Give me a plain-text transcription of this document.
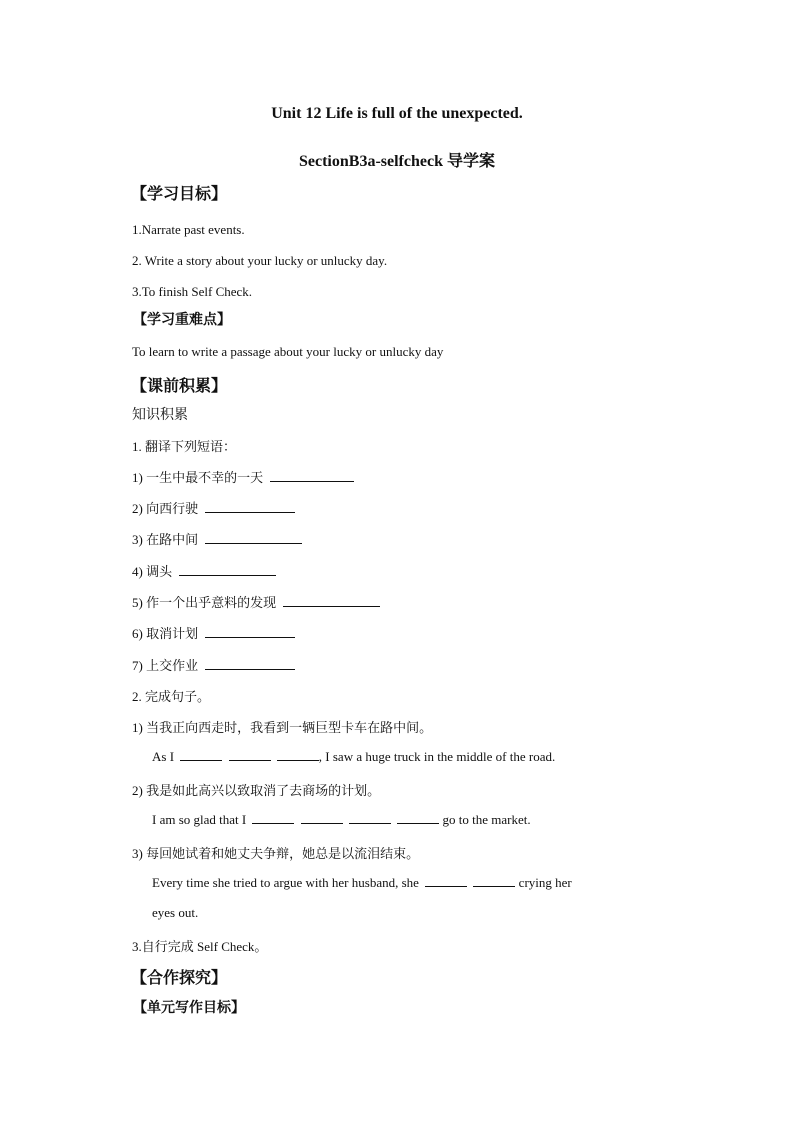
Unit 12 Life is full of the unexpected.
SectionB3a-selfcheck 导学案
【学习目标】
1.Narrate past events.
2. Write a story about your lucky or unlucky day.
3.To finish Self Check.
【学习重难点】
To learn to write a passage about your lucky or unlucky day
【课前积累】
知识积累
1. 翻译下列短语：
1) 一生中最不幸的一天
2) 向西行驶
3) 在路中间
4) 调头
5) 作一个出乎意料的发现
6) 取消计划
7) 上交作业
2. 完成句子。
1) 当我正向西走时，我看到一辆巨型卡车在路中间。
As I	, I saw a huge truck in the middle of the road.
2) 我是如此高兴以致取消了去商场的计划。
I am so glad that I	go to the market.
3) 每回她试着和她丈夫争辩，她总是以流泪结束。
Every time she tried to argue with her husband, she	crying her
eyes out.
3.自行完成 Self Check。
【合作探究】
【单元写作目标】
